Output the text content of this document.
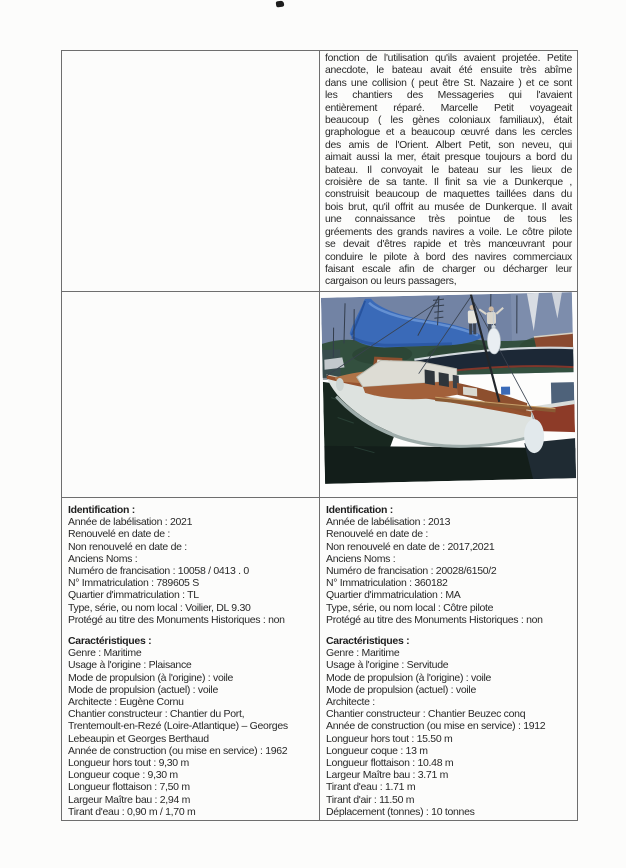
fonction de l'utilisation qu'ils avaient projetée. Petite
anecdote, le bateau avait été ensuite très abîme
dans une collision ( peut être St. Nazaire ) et ce sont
les chantiers des Messageries qui l'avaient
entièrement réparé. Marcelle Petit voyageait
beaucoup ( les gènes coloniaux familiaux), était
graphologue et a beaucoup œuvré dans les cercles
des amis de l'Orient. Albert Petit, son neveu, qui
aimait aussi la mer, était presque toujours a bord du
bateau. Il convoyait le bateau sur les lieux de
croisière de sa tante. Il finit sa vie a Dunkerque ,
construisit beaucoup de maquettes taillées dans du
bois brut, qu'il offrit au musée de Dunkerque. Il avait
une connaissance très pointue de tous les
gréements des grands navires a voile. Le côtre pilote
se devait d'êtres rapide et très manœuvrant pour
conduire le pilote à bord des navires commerciaux
faisant escale afin de charger ou décharger leur
cargaison ou leurs passagers,
Identification :
Année de labélisation : 2021
Renouvelé en date de :
Non renouvelé en date de :
Anciens Noms :
Numéro de francisation : 10058 / 0413 . 0
N° Immatriculation : 789605 S
Quartier d'immatriculation : TL
Type, série, ou nom local : Voilier, DL 9.30
Protégé au titre des Monuments Historiques : non
Caractéristiques :
Genre : Maritime
Usage à l'origine : Plaisance
Mode de propulsion (à l'origine) : voile
Mode de propulsion (actuel) : voile
Architecte : Eugène Cornu
Chantier constructeur : Chantier du Port,
Trentemoult-en-Rezé (Loire-Atlantique) – Georges
Lebeaupin et Georges Berthaud
Année de construction (ou mise en service) : 1962
Longueur hors tout : 9,30 m
Longueur coque : 9,30 m
Longueur flottaison : 7,50 m
Largeur Maître bau : 2,94 m
Tirant d'eau : 0,90 m / 1,70 m
Identification :
Année de labélisation : 2013
Renouvelé en date de :
Non renouvelé en date de : 2017,2021
Anciens Noms :
Numéro de francisation : 20028/6150/2
N° Immatriculation : 360182
Quartier d'immatriculation : MA
Type, série, ou nom local : Côtre pilote
Protégé au titre des Monuments Historiques : non
Caractéristiques :
Genre : Maritime
Usage à l'origine : Servitude
Mode de propulsion (à l'origine) : voile
Mode de propulsion (actuel) : voile
Architecte :
Chantier constructeur : Chantier Beuzec conq
Année de construction (ou mise en service) : 1912
Longueur hors tout : 15.50 m
Longueur coque : 13 m
Longueur flottaison : 10.48 m
Largeur Maître bau : 3.71 m
Tirant d'eau : 1.71 m
Tirant d'air : 11.50 m
Déplacement (tonnes) : 10 tonnes
